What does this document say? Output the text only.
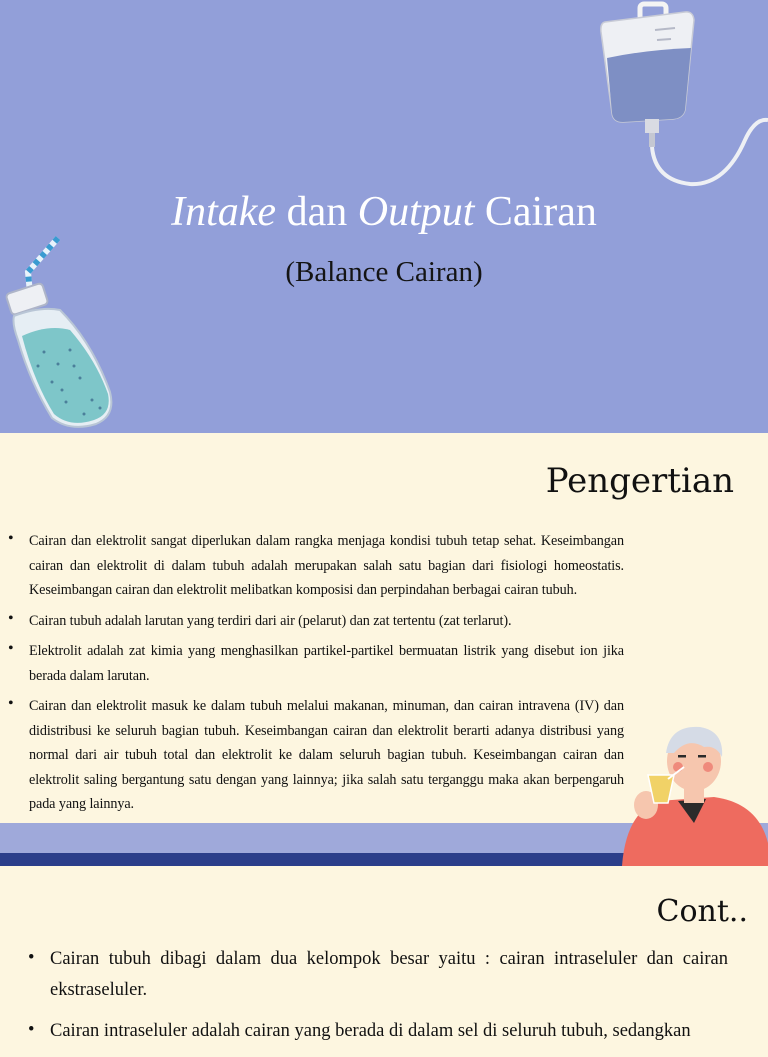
Intake dan Output Cairan
(Balance Cairan)
Pengertian
• Cairan dan elektrolit sangat diperlukan dalam rangka menjaga kondisi tubuh tetap sehat. Keseimbangan cairan dan elektrolit di dalam tubuh adalah merupakan salah satu bagian dari fisiologi homeostatis. Keseimbangan cairan dan elektrolit melibatkan komposisi dan perpindahan berbagai cairan tubuh.
• Cairan tubuh adalah larutan yang terdiri dari air (pelarut) dan zat tertentu (zat terlarut).
• Elektrolit adalah zat kimia yang menghasilkan partikel-partikel bermuatan listrik yang disebut ion jika berada dalam larutan.
• Cairan dan elektrolit masuk ke dalam tubuh melalui makanan, minuman, dan cairan intravena (IV) dan didistribusi ke seluruh bagian tubuh. Keseimbangan cairan dan elektrolit berarti adanya distribusi yang normal dari air tubuh total dan elektrolit ke dalam seluruh bagian tubuh. Keseimbangan cairan dan elektrolit saling bergantung satu dengan yang lainnya; jika salah satu terganggu maka akan berpengaruh pada yang lainnya.
Cont..
• Cairan tubuh dibagi dalam dua kelompok besar yaitu : cairan intraseluler dan cairan ekstraseluler.
• Cairan intraseluler adalah cairan yang berada di dalam sel di seluruh tubuh, sedangkan
